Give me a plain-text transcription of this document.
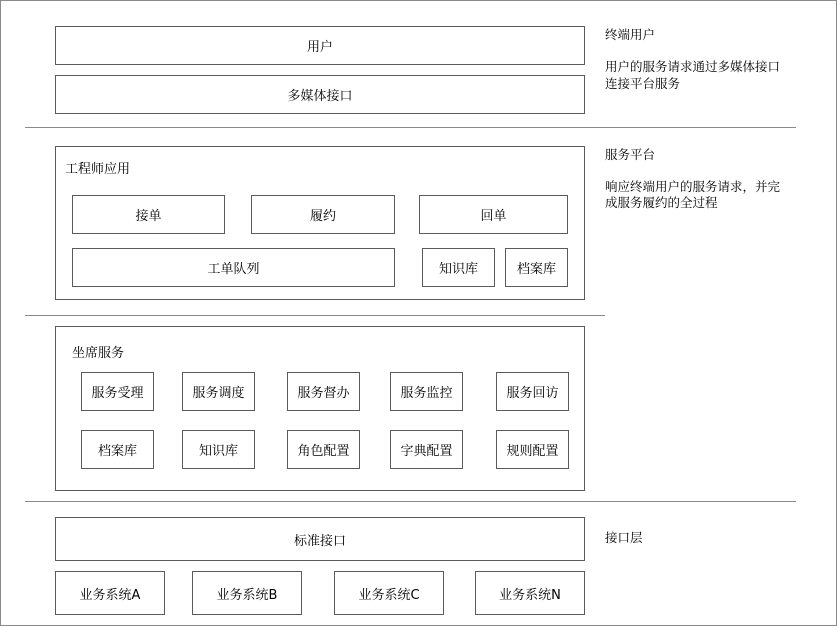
用户
多媒体接口
终端用户
用户的服务请求通过多媒体接口
连接平台服务
工程师应用
接单	履约	回单
工单队列	知识库	档案库
服务平台
响应终端用户的服务请求，并完
成服务履约的全过程
坐席服务
服务受理	服务调度	服务督办	服务监控	服务回访
档案库	知识库	角色配置	字典配置	规则配置
标准接口
业务系统A	业务系统B	业务系统C	业务系统N
接口层
